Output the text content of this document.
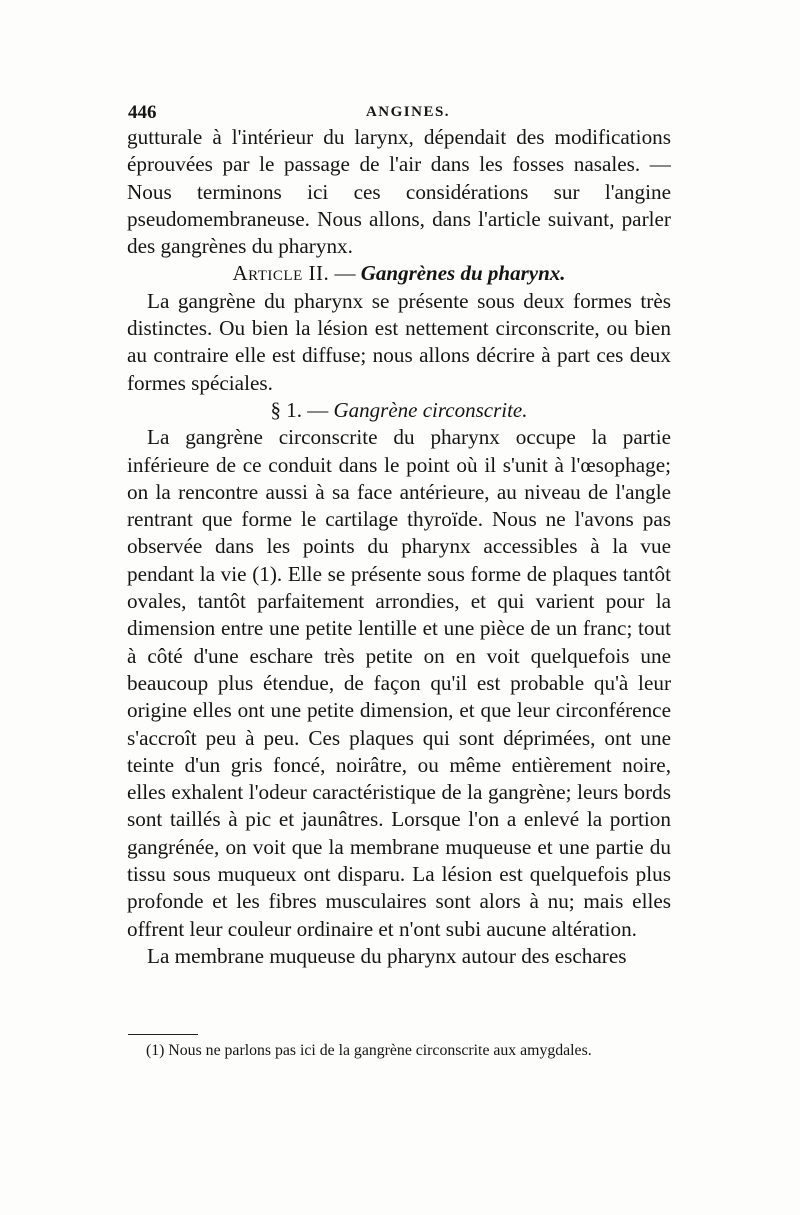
446	ANGINES.

gutturale à l'intérieur du larynx, dépendait des modifications éprouvées par le passage de l'air dans les fosses nasales. — Nous terminons ici ces considérations sur l'angine pseudomembraneuse. Nous allons, dans l'article suivant, parler des gangrènes du pharynx.

Article II. — Gangrènes du pharynx.

La gangrène du pharynx se présente sous deux formes très distinctes. Ou bien la lésion est nettement circonscrite, ou bien au contraire elle est diffuse; nous allons décrire à part ces deux formes spéciales.

§ 1. — Gangrène circonscrite.

La gangrène circonscrite du pharynx occupe la partie inférieure de ce conduit dans le point où il s'unit à l'œsophage; on la rencontre aussi à sa face antérieure, au niveau de l'angle rentrant que forme le cartilage thyroïde. Nous ne l'avons pas observée dans les points du pharynx accessibles à la vue pendant la vie (1). Elle se présente sous forme de plaques tantôt ovales, tantôt parfaitement arrondies, et qui varient pour la dimension entre une petite lentille et une pièce de un franc; tout à côté d'une eschare très petite on en voit quelquefois une beaucoup plus étendue, de façon qu'il est probable qu'à leur origine elles ont une petite dimension, et que leur circonférence s'accroît peu à peu. Ces plaques qui sont déprimées, ont une teinte d'un gris foncé, noirâtre, ou même entièrement noire, elles exhalent l'odeur caractéristique de la gangrène; leurs bords sont taillés à pic et jaunâtres. Lorsque l'on a enlevé la portion gangrénée, on voit que la membrane muqueuse et une partie du tissu sous muqueux ont disparu. La lésion est quelquefois plus profonde et les fibres musculaires sont alors à nu; mais elles offrent leur couleur ordinaire et n'ont subi aucune altération.

La membrane muqueuse du pharynx autour des eschares

(1) Nous ne parlons pas ici de la gangrène circonscrite aux amygdales.
